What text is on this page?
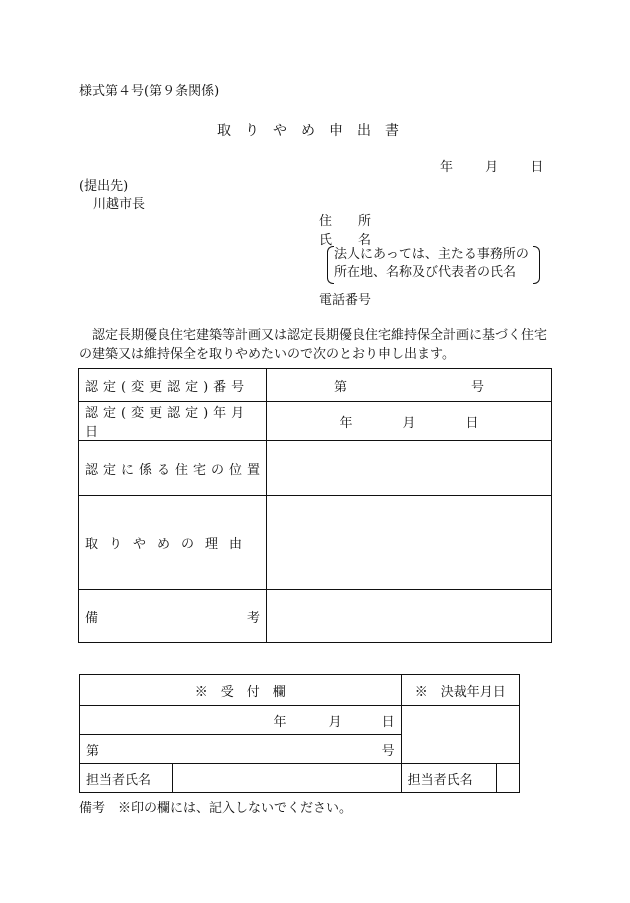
様式第４号(第９条関係)
取りやめ申出書
年 月 日
(提出先)
川越市長
住　　所
氏　　名
法人にあっては、主たる事務所の
所在地、名称及び代表者の氏名
電話番号
認定長期優良住宅建築等計画又は認定長期優良住宅維持保全計画に基づく住宅の建築又は維持保全を取りやめたいので次のとおり申し出ます。
認定(変更認定)番号	第 号
認定(変更認定)年月日	年 月 日
認定に係る住宅の位置	
取りやめの理由	

備 考	

※　受　付　欄		※　決裁年月日	
年 月 日			

第 号			

担当者氏名		担当者氏名	
備考　※印の欄には、記入しないでください。
